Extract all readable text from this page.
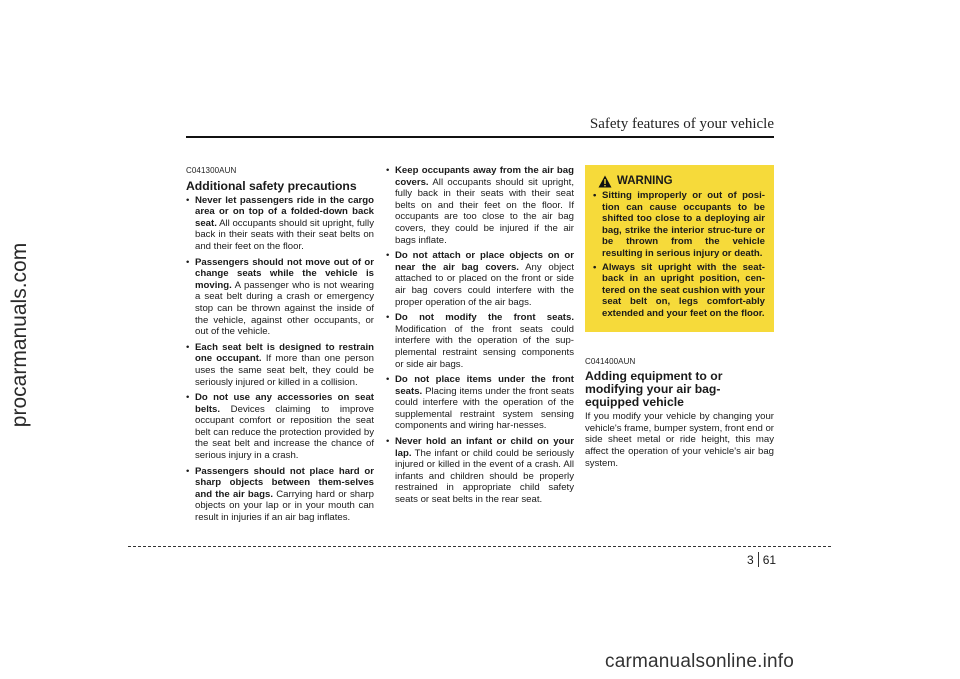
procarmanuals.com
Safety features of your vehicle
C041300AUN
Additional safety precautions
• Never let passengers ride in the cargo area or on top of a folded-down back seat. All occupants should sit upright, fully back in their seats with their seat belts on and their feet on the floor.
• Passengers should not move out of or change seats while the vehicle is moving. A passenger who is not wearing a seat belt during a crash or emergency stop can be thrown against the inside of the vehicle, against other occupants, or out of the vehicle.
• Each seat belt is designed to restrain one occupant. If more than one person uses the same seat belt, they could be seriously injured or killed in a collision.
• Do not use any accessories on seat belts. Devices claiming to improve occupant comfort or reposition the seat belt can reduce the protection provided by the seat belt and increase the chance of serious injury in a crash.
• Passengers should not place hard or sharp objects between them-selves and the air bags. Carrying hard or sharp objects on your lap or in your mouth can result in injuries if an air bag inflates.
• Keep occupants away from the air bag covers. All occupants should sit upright, fully back in their seats with their seat belts on and their feet on the floor. If occupants are too close to the air bag covers, they could be injured if the air bags inflate.
• Do not attach or place objects on or near the air bag covers. Any object attached to or placed on the front or side air bag covers could interfere with the proper operation of the air bags.
• Do not modify the front seats. Modification of the front seats could interfere with the operation of the sup-plemental restraint sensing components or side air bags.
• Do not place items under the front seats. Placing items under the front seats could interfere with the operation of the supplemental restraint system sensing components and wiring har-nesses.
• Never hold an infant or child on your lap. The infant or child could be seriously injured or killed in the event of a crash. All infants and children should be properly restrained in appropriate child safety seats or seat belts in the rear seat.
WARNING
• Sitting improperly or out of posi-tion can cause occupants to be shifted too close to a deploying air bag, strike the interior struc-ture or be thrown from the vehicle resulting in serious injury or death.
• Always sit upright with the seat-back in an upright position, cen-tered on the seat cushion with your seat belt on, legs comfort-ably extended and your feet on the floor.
C041400AUN
Adding equipment to or modifying your air bag-equipped vehicle

If you modify your vehicle by changing your vehicle's frame, bumper system, front end or side sheet metal or ride height, this may affect the operation of your vehicle's air bag system.

3 61
carmanualsonline.info
